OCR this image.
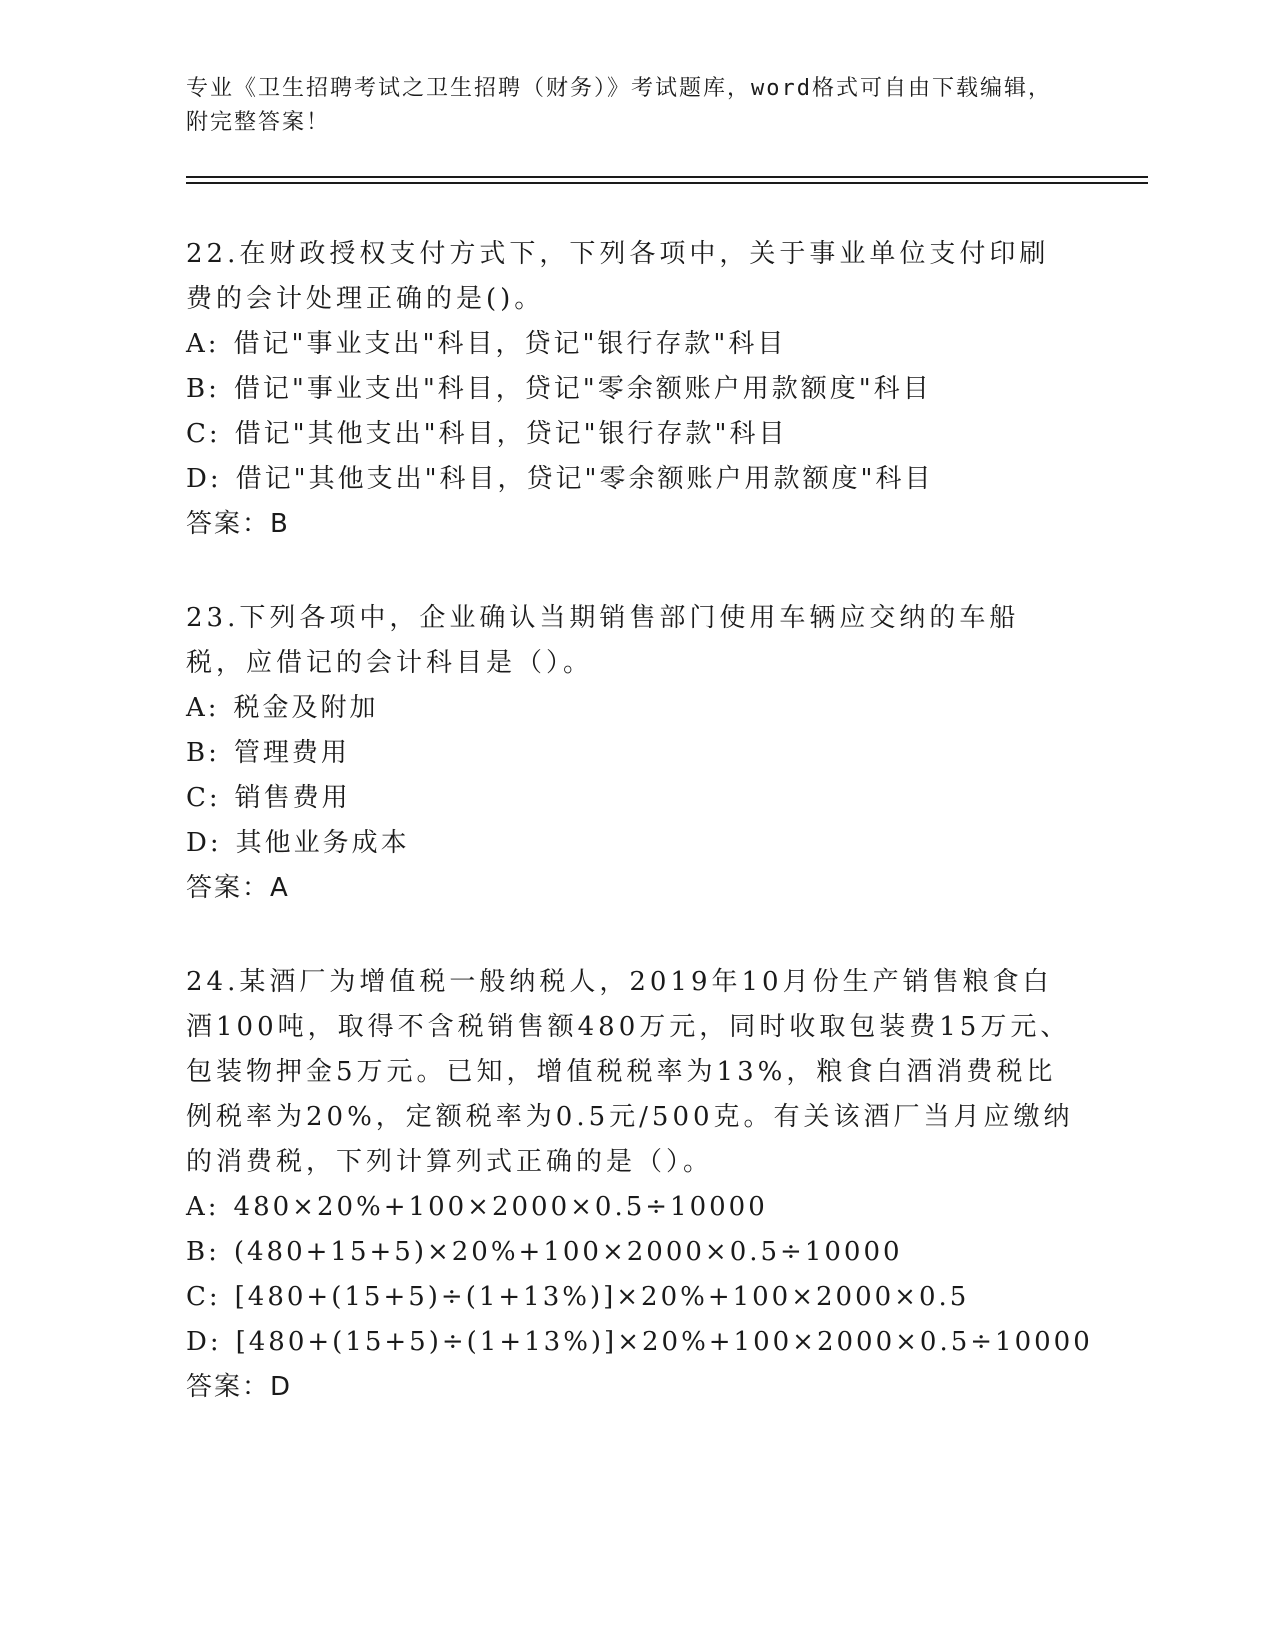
专业《卫生招聘考试之卫生招聘（财务）》考试题库，word格式可自由下载编辑，附完整答案！

22.在财政授权支付方式下，下列各项中，关于事业单位支付印刷费的会计处理正确的是()。

A: 借记"事业支出"科目，贷记"银行存款"科目

B: 借记"事业支出"科目，贷记"零余额账户用款额度"科目

C: 借记"其他支出"科目，贷记"银行存款"科目

D: 借记"其他支出"科目，贷记"零余额账户用款额度"科目

答案：B

23.下列各项中，企业确认当期销售部门使用车辆应交纳的车船税，应借记的会计科目是（）。

A: 税金及附加

B: 管理费用

C: 销售费用

D: 其他业务成本

答案：A

24.某酒厂为增值税一般纳税人，2019年10月份生产销售粮食白酒100吨，取得不含税销售额480万元，同时收取包装费15万元、包装物押金5万元。已知，增值税税率为13%，粮食白酒消费税比例税率为20%，定额税率为0.5元/500克。有关该酒厂当月应缴纳的消费税，下列计算列式正确的是（）。

A: 480×20%+100×2000×0.5÷10000

B: (480+15+5)×20%+100×2000×0.5÷10000

C: [480+(15+5)÷(1+13%)]×20%+100×2000×0.5

D: [480+(15+5)÷(1+13%)]×20%+100×2000×0.5÷10000

答案：D
